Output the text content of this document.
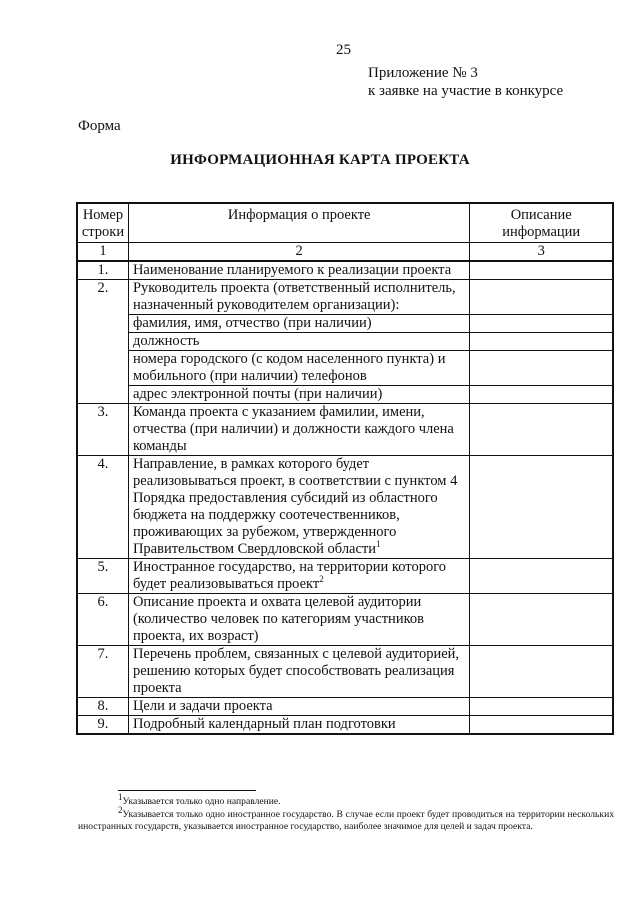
25
Приложение № 3
к заявке на участие в конкурсе
Форма
ИНФОРМАЦИОННАЯ КАРТА ПРОЕКТА
Номер строки	Информация о проекте	Описание информации
1	2	3
1.	Наименование планируемого к реализации проекта	
2.	Руководитель проекта (ответственный исполнитель, назначенный руководителем организации):	
	фамилия, имя, отчество (при наличии)	
	должность	
	номера городского (с кодом населенного пункта) и мобильного (при наличии) телефонов	
	адрес электронной почты (при наличии)	
3.	Команда проекта с указанием фамилии, имени, отчества (при наличии) и должности каждого члена команды	
4.	Направление, в рамках которого будет реализовываться проект, в соответствии с пунктом 4 Порядка предоставления субсидий из областного бюджета на поддержку соотечественников, проживающих за рубежом, утвержденного Правительством Свердловской области$^1$	
5.	Иностранное государство, на территории которого будет реализовываться проект$^2$	
6.	Описание проекта и охвата целевой аудитории (количество человек по категориям участников проекта, их возраст)	
7.	Перечень проблем, связанных с целевой аудиторией, решению которых будет способствовать реализация проекта	
8.	Цели и задачи проекта	
9.	Подробный календарный план подготовки	

$^1$Указывается только одно направление.

$^2$Указывается только одно иностранное государство. В случае если проект будет проводиться на территории нескольких иностранных государств, указывается иностранное государство, наиболее значимое для целей и задач проекта.
